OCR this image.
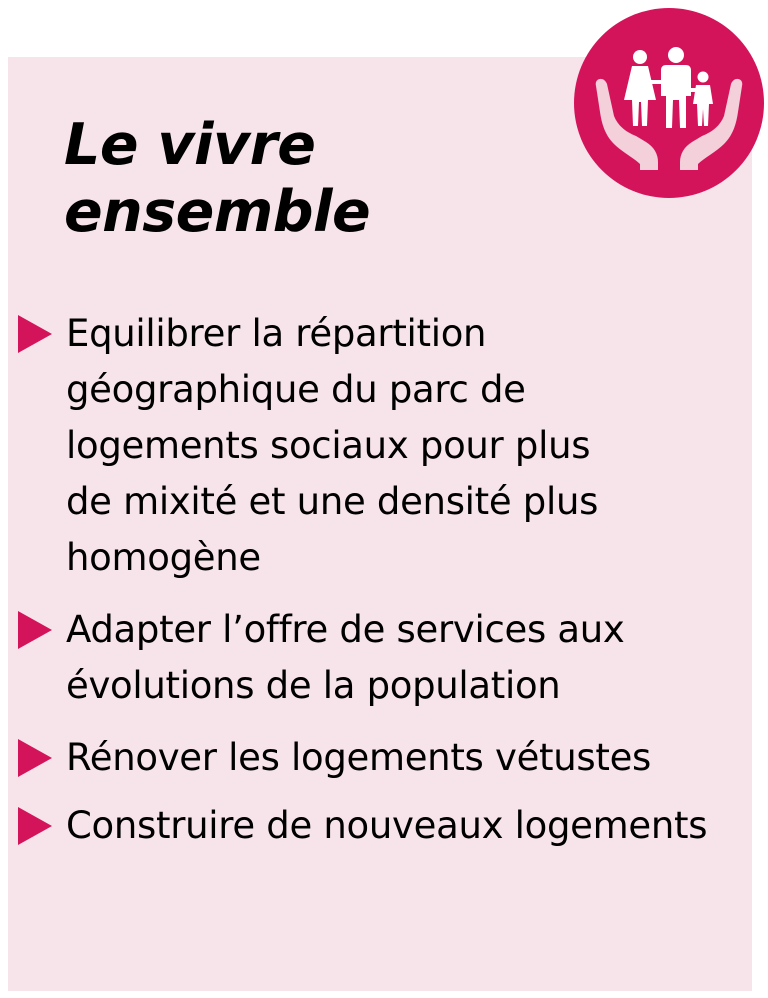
Le vivre
ensemble
Equilibrer la répartition
géographique du parc de
logements sociaux pour plus
de mixité et une densité plus
homogène
Adapter l’offre de services aux
évolutions de la population
Rénover les logements vétustes
Construire de nouveaux logements
